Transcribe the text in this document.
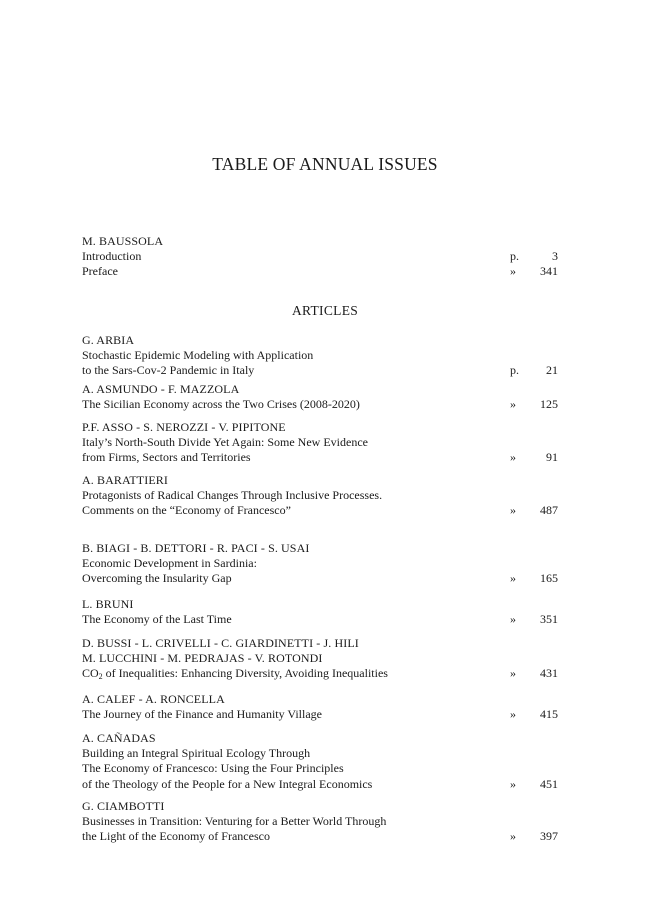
TABLE OF ANNUAL ISSUES
M. BAUSSOLA
Introduction	p.	3
Preface	» 341
ARTICLES
G. ARBIA
Stochastic Epidemic Modeling with Application
to the Sars-Cov-2 Pandemic in Italy	p. 21
A. ASMUNDO - F. MAZZOLA
The Sicilian Economy across the Two Crises (2008-2020)	» 125
P.F. ASSO - S. NEROZZI - V. PIPITONE
Italy’s North-South Divide Yet Again: Some New Evidence
from Firms, Sectors and Territories	»	91
A. BARATTIERI
Protagonists of Radical Changes Through Inclusive Processes.
Comments on the “Economy of Francesco”	» 487
B. BIAGI - B. DETTORI - R. PACI - S. USAI
Economic Development in Sardinia:
Overcoming the Insularity Gap	» 165
L. BRUNI
The Economy of the Last Time	» 351
D. BUSSI - L. CRIVELLI - C. GIARDINETTI - J. HILI
M. LUCCHINI - M. PEDRAJAS - V. ROTONDI
$CO_2$ of Inequalities: Enhancing Diversity, Avoiding Inequalities	» 431
A. CALEF - A. RONCELLA
The Journey of the Finance and Humanity Village	» 415
A. CAÑADAS
Building an Integral Spiritual Ecology Through
The Economy of Francesco: Using the Four Principles
of the Theology of the People for a New Integral Economics	» 451
G. CIAMBOTTI
Businesses in Transition: Venturing for a Better World Through
the Light of the Economy of Francesco	» 397
